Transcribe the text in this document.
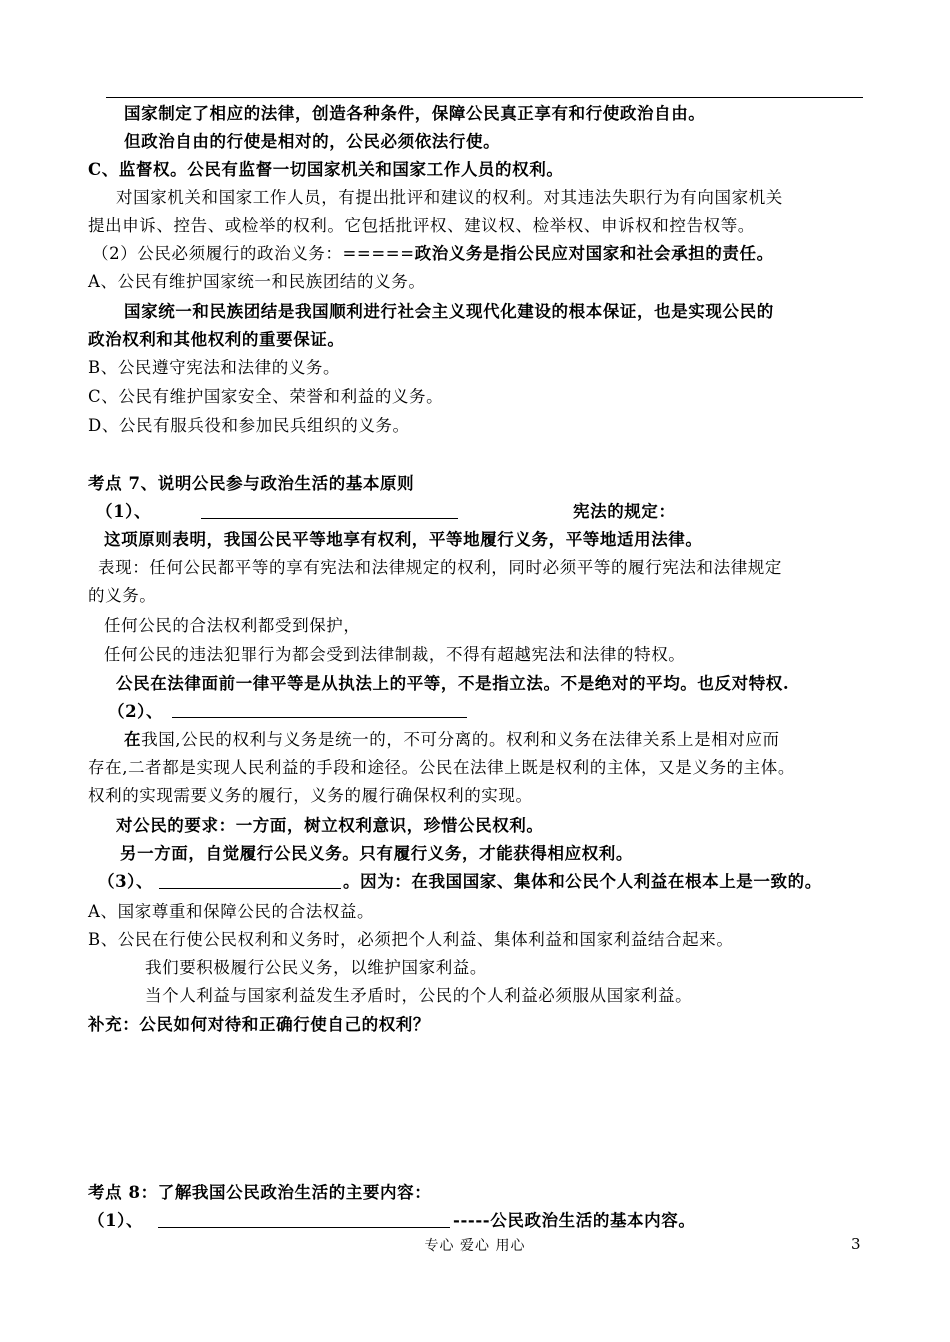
国家制定了相应的法律，创造各种条件，保障公民真正享有和行使政治自由。
但政治自由的行使是相对的，公民必须依法行使。
C、监督权。公民有监督一切国家机关和国家工作人员的权利。
对国家机关和国家工作人员，有提出批评和建议的权利。对其违法失职行为有向国家机关
提出申诉、控告、或检举的权利。它包括批评权、建议权、检举权、申诉权和控告权等。
（2）公民必须履行的政治义务：=====政治义务是指公民应对国家和社会承担的责任。
A、公民有维护国家统一和民族团结的义务。
国家统一和民族团结是我国顺利进行社会主义现代化建设的根本保证，也是实现公民的
政治权利和其他权利的重要保证。
B、公民遵守宪法和法律的义务。
C、公民有维护国家安全、荣誉和利益的义务。
D、公民有服兵役和参加民兵组织的义务。
考点 7、说明公民参与政治生活的基本原则
（1）、	宪法的规定：
这项原则表明，我国公民平等地享有权利，平等地履行义务，平等地适用法律。
表现：任何公民都平等的享有宪法和法律规定的权利，同时必须平等的履行宪法和法律规定
的义务。
任何公民的合法权利都受到保护，
任何公民的违法犯罪行为都会受到法律制裁，不得有超越宪法和法律的特权。
公民在法律面前一律平等是从执法上的平等，不是指立法。不是绝对的平均。也反对特权.
（2）、
在我国,公民的权利与义务是统一的，不可分离的。权利和义务在法律关系上是相对应而
存在,二者都是实现人民利益的手段和途径。公民在法律上既是权利的主体，又是义务的主体。
权利的实现需要义务的履行，义务的履行确保权利的实现。
对公民的要求：一方面，树立权利意识，珍惜公民权利。
另一方面，自觉履行公民义务。只有履行义务，才能获得相应权利。
（3）、	。因为：在我国国家、集体和公民个人利益在根本上是一致的。
A、国家尊重和保障公民的合法权益。
B、公民在行使公民权利和义务时，必须把个人利益、集体利益和国家利益结合起来。
我们要积极履行公民义务，以维护国家利益。
当个人利益与国家利益发生矛盾时，公民的个人利益必须服从国家利益。
补充：公民如何对待和正确行使自己的权利？
考点 8：了解我国公民政治生活的主要内容：
（1）、	-----公民政治生活的基本内容。
专心 爱心 用心	3
